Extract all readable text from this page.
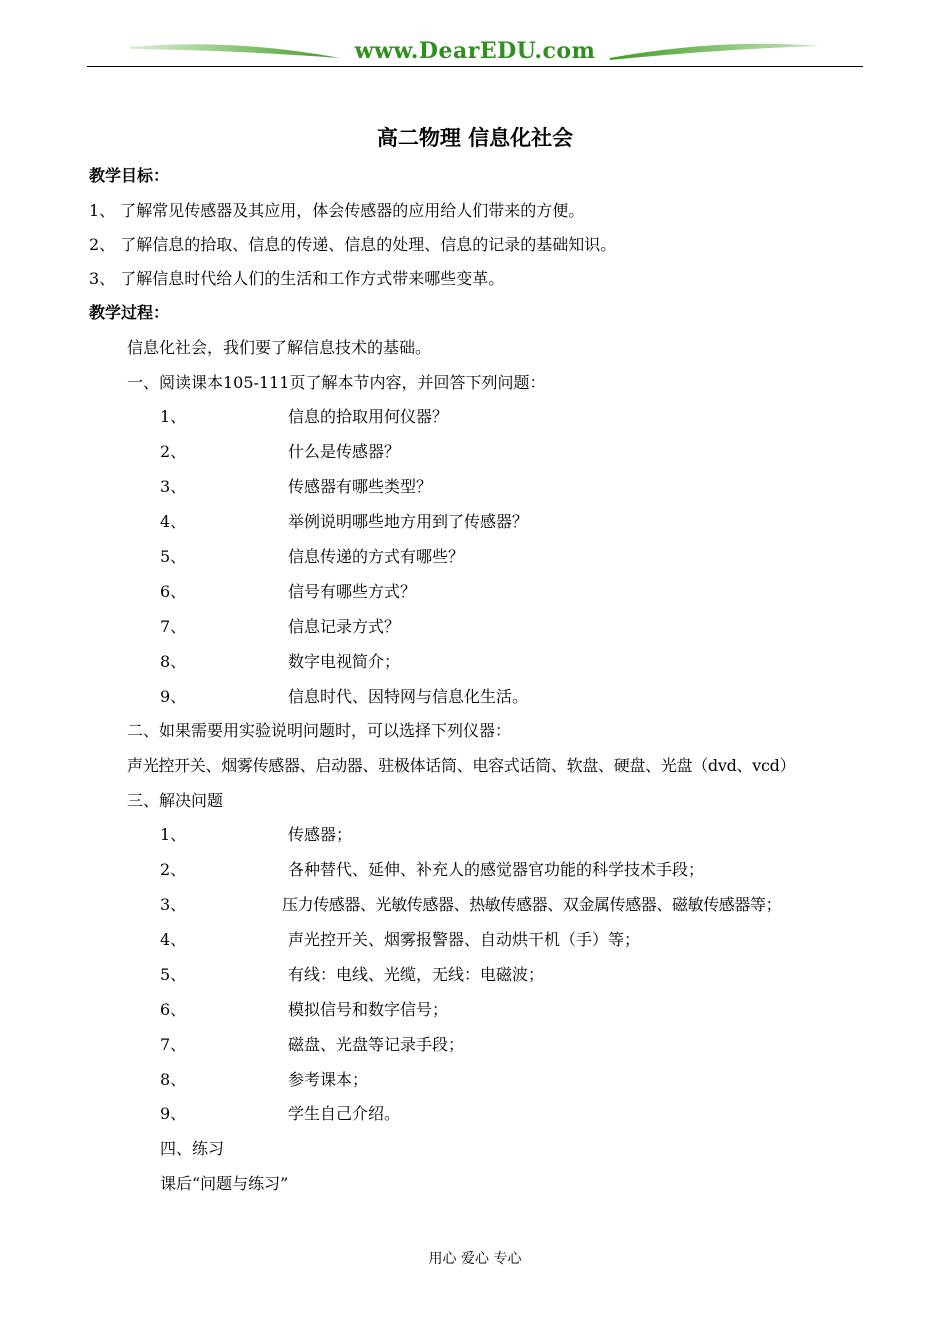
www.DearEDU.com
高二物理 信息化社会
教学目标：
1、 了解常见传感器及其应用，体会传感器的应用给人们带来的方便。
2、 了解信息的拾取、信息的传递、信息的处理、信息的记录的基础知识。
3、 了解信息时代给人们的生活和工作方式带来哪些变革。
教学过程：
信息化社会，我们要了解信息技术的基础。
一、阅读课本105-111页了解本节内容，并回答下列问题：
1、	信息的拾取用何仪器？
2、	什么是传感器？
3、	传感器有哪些类型？
4、	举例说明哪些地方用到了传感器？
5、	信息传递的方式有哪些？
6、	信号有哪些方式？
7、	信息记录方式？
8、	数字电视简介；
9、	信息时代、因特网与信息化生活。
二、如果需要用实验说明问题时，可以选择下列仪器：
声光控开关、烟雾传感器、启动器、驻极体话筒、电容式话筒、软盘、硬盘、光盘（dvd、vcd）
三、解决问题
1、	传感器；
2、	各种替代、延伸、补充人的感觉器官功能的科学技术手段；
3、	压力传感器、光敏传感器、热敏传感器、双金属传感器、磁敏传感器等；
4、	声光控开关、烟雾报警器、自动烘干机（手）等；
5、	有线：电线、光缆，无线：电磁波；
6、	模拟信号和数字信号；
7、	磁盘、光盘等记录手段；
8、	参考课本；
9、	学生自己介绍。
四、练习
课后“问题与练习”
用心 爱心 专心
